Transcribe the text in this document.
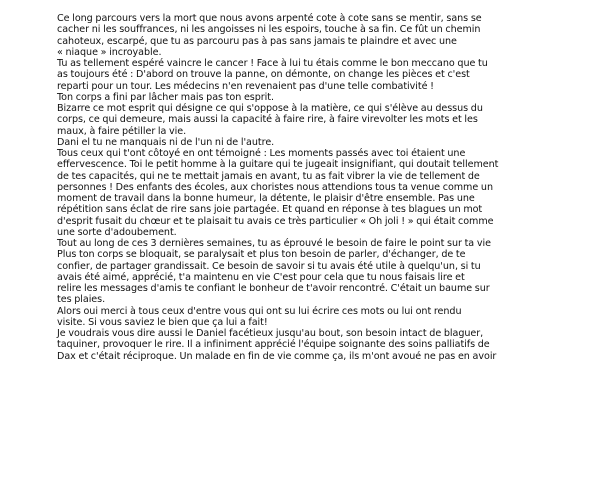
Ce long parcours vers la mort que nous avons arpenté cote à cote sans se mentir, sans se
cacher ni les souffrances, ni les angoisses ni les espoirs, touche à sa fin. Ce fût un chemin
cahoteux, escarpé, que tu as parcouru pas à pas sans jamais te plaindre et avec une
« niaque » incroyable.
Tu as tellement espéré vaincre le cancer ! Face à lui tu étais comme le bon meccano que tu
as toujours été : D'abord on trouve la panne, on démonte, on change les pièces et c'est
reparti pour un tour. Les médecins n'en revenaient pas d'une telle combativité !
Ton corps a fini par lâcher mais pas ton esprit.
Bizarre ce mot esprit qui désigne ce qui s'oppose à la matière, ce qui s'élève au dessus du
corps, ce qui demeure, mais aussi la capacité à faire rire, à faire virevolter les mots et les
maux, à faire pétiller la vie.
Dani el tu ne manquais ni de l'un ni de l'autre.
Tous ceux qui t'ont côtoyé en ont témoigné : Les moments passés avec toi étaient une
effervescence. Toi le petit homme à la guitare qui te jugeait insignifiant, qui doutait tellement
de tes capacités, qui ne te mettait jamais en avant, tu as fait vibrer la vie de tellement de
personnes ! Des enfants des écoles, aux choristes nous attendions tous ta venue comme un
moment de travail dans la bonne humeur, la détente, le plaisir d'être ensemble. Pas une
répétition sans éclat de rire sans joie partagée. Et quand en réponse à tes blagues un mot
d'esprit fusait du chœur et te plaisait tu avais ce très particulier « Oh joli ! » qui était comme
une sorte d'adoubement.
Tout au long de ces 3 dernières semaines, tu as éprouvé le besoin de faire le point sur ta vie
Plus ton corps se bloquait, se paralysait et plus ton besoin de parler, d'échanger, de te
confier, de partager grandissait. Ce besoin de savoir si tu avais été utile à quelqu'un, si tu
avais été aimé, apprécié, t'a maintenu en vie C'est pour cela que tu nous faisais lire et
relire les messages d'amis te confiant le bonheur de t'avoir rencontré. C'était un baume sur
tes plaies.
Alors oui merci à tous ceux d'entre vous qui ont su lui écrire ces mots ou lui ont rendu
visite. Si vous saviez le bien que ça lui a fait!
Je voudrais vous dire aussi le Daniel facétieux jusqu'au bout, son besoin intact de blaguer,
taquiner, provoquer le rire. Il a infiniment apprécié l'équipe soignante des soins palliatifs de
Dax et c'était réciproque. Un malade en fin de vie comme ça, ils m'ont avoué ne pas en avoir
